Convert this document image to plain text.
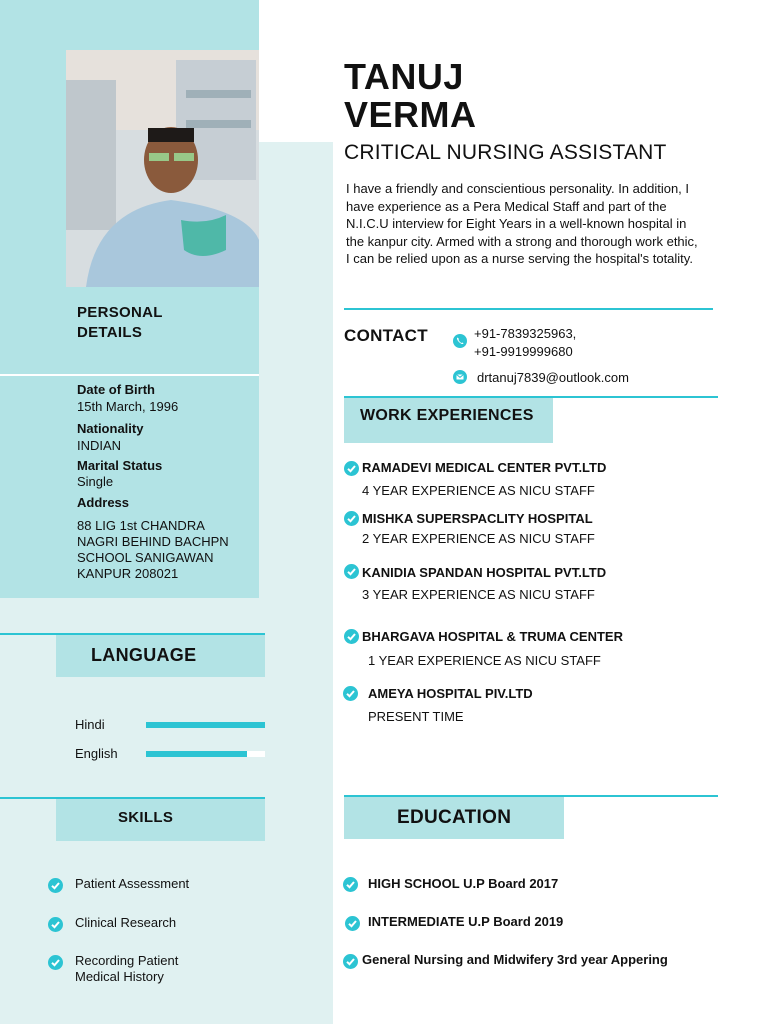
PERSONAL
DETAILS
Date of Birth
15th March, 1996
Nationality
INDIAN
Marital Status
Single
Address
88 LIG 1st CHANDRA
NAGRI BEHIND BACHPN
SCHOOL SANIGAWAN
KANPUR 208021
LANGUAGE
Hindi
English
SKILLS
Patient Assessment
Clinical Research
Recording Patient
Medical History
TANUJ
VERMA
CRITICAL NURSING ASSISTANT
I have a friendly and conscientious personality. In addition, I have experience as a Pera Medical Staff and part of the N.I.C.U interview for Eight Years in a well-known hospital in the kanpur city. Armed with a strong and thorough work ethic, I can be relied upon as a nurse serving the hospital's totality.
CONTACT	+91-7839325963,
+91-9919999680
drtanuj7839@outlook.com
WORK EXPERIENCES
RAMADEVI MEDICAL CENTER PVT.LTD
4 YEAR EXPERIENCE AS NICU STAFF
MISHKA SUPERSPACLITY HOSPITAL
2 YEAR EXPERIENCE AS NICU STAFF
KANIDIA SPANDAN HOSPITAL PVT.LTD
3 YEAR EXPERIENCE AS NICU STAFF
BHARGAVA HOSPITAL & TRUMA CENTER
1 YEAR EXPERIENCE AS NICU STAFF
AMEYA HOSPITAL PIV.LTD
PRESENT TIME
EDUCATION
HIGH SCHOOL U.P Board 2017
INTERMEDIATE U.P Board 2019
General Nursing and Midwifery 3rd year Appering
